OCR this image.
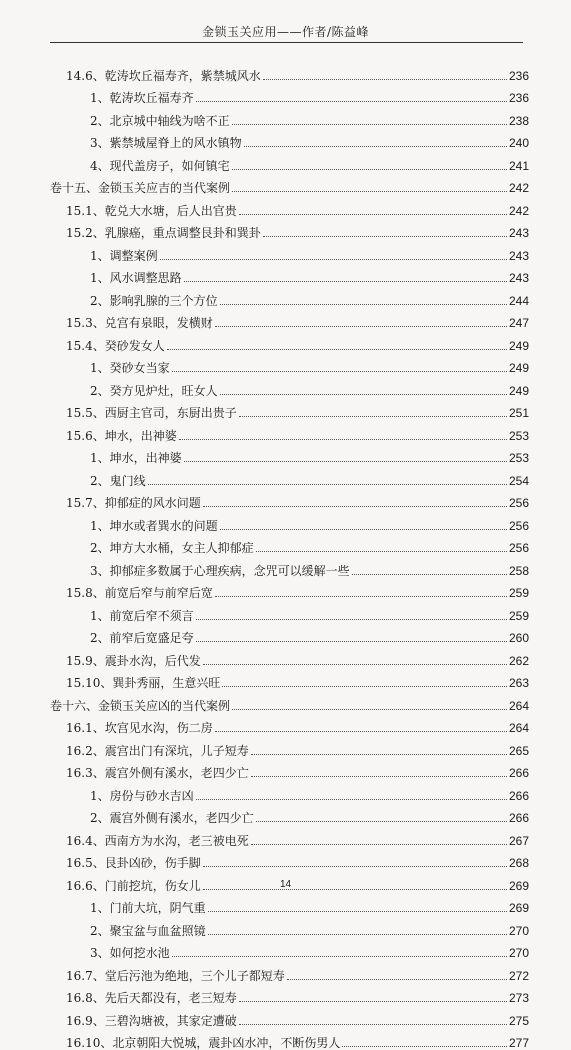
金锁玉关应用——作者/陈益峰
14.6、乾涛坎丘福寿齐，紫禁城风水	236
1、乾涛坎丘福寿齐	236
2、北京城中轴线为啥不正	238
3、紫禁城屋脊上的风水镇物	240
4、现代盖房子，如何镇宅	241
卷十五、金锁玉关应吉的当代案例	242
15.1、乾兑大水塘，后人出官贵	242
15.2、乳腺癌，重点调整艮卦和巽卦	243
1、调整案例	243
1、风水调整思路	243
2、影响乳腺的三个方位	244
15.3、兑宫有泉眼，发横财	247
15.4、癸砂发女人	249
1、癸砂女当家	249
2、癸方见炉灶，旺女人	249
15.5、西厨主官司，东厨出贵子	251
15.6、坤水，出神婆	253
1、坤水，出神婆	253
2、鬼门线	254
15.7、抑郁症的风水问题	256
1、坤水或者巽水的问题	256
2、坤方大水桶，女主人抑郁症	256
3、抑郁症多数属于心理疾病，念咒可以缓解一些	258
15.8、前宽后窄与前窄后宽	259
1、前宽后窄不须言	259
2、前窄后宽盛足夸	260
15.9、震卦水沟，后代发	262
15.10、巽卦秀丽，生意兴旺	263
卷十六、金锁玉关应凶的当代案例	264
16.1、坎宫见水沟，伤二房	264
16.2、震宫出门有深坑，儿子短寿	265
16.3、震宫外侧有溪水，老四少亡	266
1、房份与砂水吉凶	266
2、震宫外侧有溪水，老四少亡	266
16.4、西南方为水沟，老三被电死	267
16.5、艮卦凶砂，伤手脚	268
16.6、门前挖坑，伤女儿	269
1、门前大坑，阴气重	269
2、聚宝盆与血盆照镜	270
3、如何挖水池	270
16.7、堂后污池为绝地，三个儿子都短寿	272
16.8、先后天都没有，老三短寿	273
16.9、三碧沟塘被，其家定遭破	275
16.10、北京朝阳大悦城，震卦凶水冲，不断伤男人	277
14
